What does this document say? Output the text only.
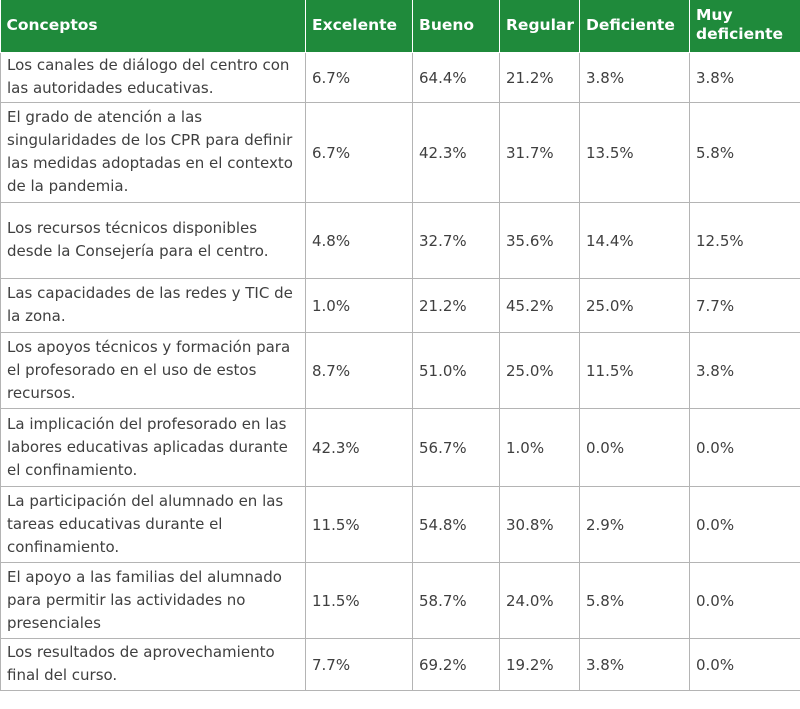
Conceptos	Excelente	Bueno	Regular	Deficiente	Muy deficiente
Los canales de diálogo del centro con las autoridades educativas.	6.7%	64.4%	21.2%	3.8%	3.8%
El grado de atención a las singularidades de los CPR para definir las medidas adoptadas en el contexto de la pandemia.	6.7%	42.3%	31.7%	13.5%	5.8%
Los recursos técnicos disponibles desde la Consejería para el centro.	4.8%	32.7%	35.6%	14.4%	12.5%
Las capacidades de las redes y TIC de la zona.	1.0%	21.2%	45.2%	25.0%	7.7%
Los apoyos técnicos y formación para el profesorado en el uso de estos recursos.	8.7%	51.0%	25.0%	11.5%	3.8%
La implicación del profesorado en las labores educativas aplicadas durante el confinamiento.	42.3%	56.7%	1.0%	0.0%	0.0%
La participación del alumnado en las tareas educativas durante el confinamiento.	11.5%	54.8%	30.8%	2.9%	0.0%
El apoyo a las familias del alumnado para permitir las actividades no presenciales	11.5%	58.7%	24.0%	5.8%	0.0%
Los resultados de aprovechamiento final del curso.	7.7%	69.2%	19.2%	3.8%	0.0%
